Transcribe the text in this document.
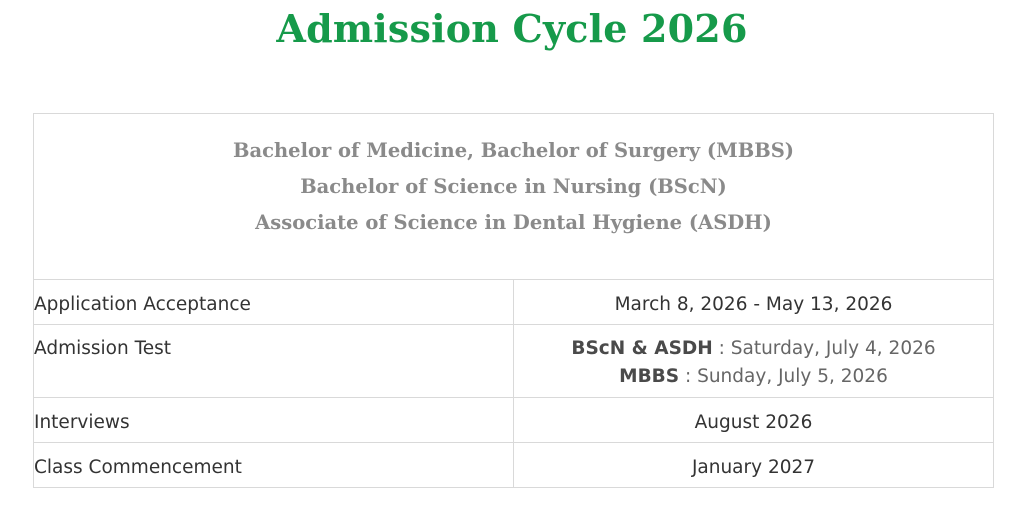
Admission Cycle 2026
Bachelor of Medicine, Bachelor of Surgery (MBBS)
Bachelor of Science in Nursing (BScN)
Associate of Science in Dental Hygiene (ASDH)	

Application Acceptance	March 8, 2026 - May 13, 2026

Admission Test	BScN & ASDH : Saturday, July 4, 2026
MBBS : Sunday, July 5, 2026

Interviews	August 2026

Class Commencement	January 2027
